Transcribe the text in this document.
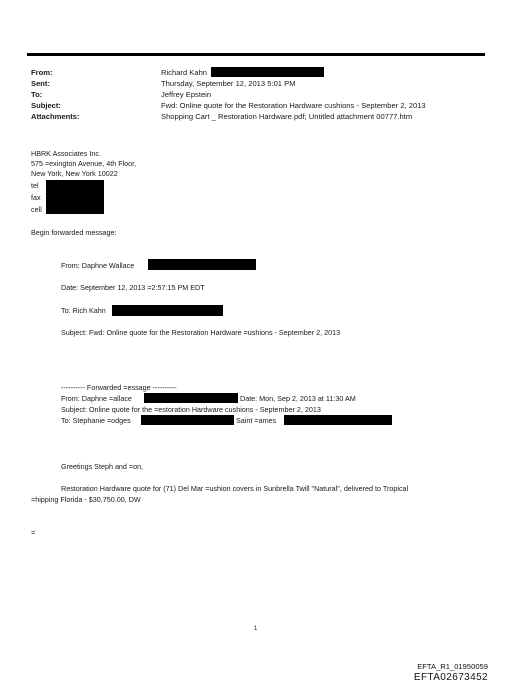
From:	Richard Kahn
Sent:	Thursday, September 12, 2013 5:01 PM
To:	Jeffrey Epstein
Subject:	Fwd: Online quote for the Restoration Hardware cushions - September 2, 2013
Attachments:	Shopping Cart _ Restoration Hardware.pdf; Untitled attachment 00777.htm
HBRK Associates Inc.
575 =exington Avenue, 4th Floor,
New York, New York 10022
tel
fax
cell
Begin forwarded message:
From: Daphne Wallace
Date: September 12, 2013 =2:57:15 PM EDT
To: Rich Kahn
Subject: Fwd: Online quote for the Restoration Hardware =ushions - September 2, 2013
---------- Forwarded =essage ----------
From: Daphne =allace	Date: Mon, Sep 2, 2013 at 11:30 AM
Subject: Online quote for the =estoration Hardware cushions - September 2, 2013
To: Stephanie =odges	Saint =ames
Greetings Steph and =on,
Restoration Hardware quote for (71) Del Mar =ushion covers in Sunbrella Twill "Natural", delivered to Tropical
=hipping Florida - $30,750.00, DW
=
1
EFTA_R1_01950059
EFTA02673452
